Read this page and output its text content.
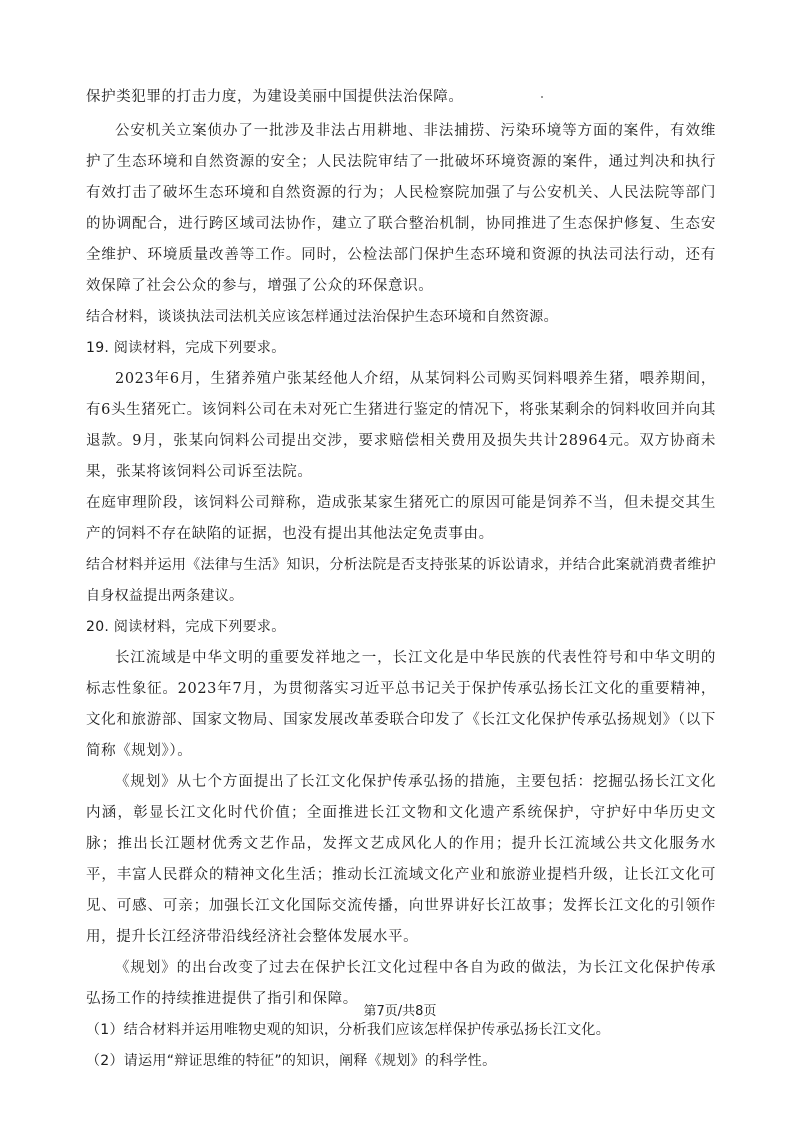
保护类犯罪的打击力度，为建设美丽中国提供法治保障。

公安机关立案侦办了一批涉及非法占用耕地、非法捕捞、污染环境等方面的案件，有效维护了生态环境和自然资源的安全；人民法院审结了一批破坏环境资源的案件，通过判决和执行有效打击了破坏生态环境和自然资源的行为；人民检察院加强了与公安机关、人民法院等部门的协调配合，进行跨区域司法协作，建立了联合整治机制，协同推进了生态保护修复、生态安全维护、环境质量改善等工作。同时，公检法部门保护生态环境和资源的执法司法行动，还有效保障了社会公众的参与，增强了公众的环保意识。

结合材料，谈谈执法司法机关应该怎样通过法治保护生态环境和自然资源。

19. 阅读材料，完成下列要求。

2023年6月，生猪养殖户张某经他人介绍，从某饲料公司购买饲料喂养生猪，喂养期间，有6头生猪死亡。该饲料公司在未对死亡生猪进行鉴定的情况下，将张某剩余的饲料收回并向其退款。9月，张某向饲料公司提出交涉，要求赔偿相关费用及损失共计28964元。双方协商未果，张某将该饲料公司诉至法院。

在庭审理阶段，该饲料公司辩称，造成张某家生猪死亡的原因可能是饲养不当，但未提交其生产的饲料不存在缺陷的证据，也没有提出其他法定免责事由。

结合材料并运用《法律与生活》知识，分析法院是否支持张某的诉讼请求，并结合此案就消费者维护自身权益提出两条建议。

20. 阅读材料，完成下列要求。

长江流域是中华文明的重要发祥地之一，长江文化是中华民族的代表性符号和中华文明的标志性象征。2023年7月，为贯彻落实习近平总书记关于保护传承弘扬长江文化的重要精神，文化和旅游部、国家文物局、国家发展改革委联合印发了《长江文化保护传承弘扬规划》（以下简称《规划》）。

《规划》从七个方面提出了长江文化保护传承弘扬的措施，主要包括：挖掘弘扬长江文化内涵，彰显长江文化时代价值；全面推进长江文物和文化遗产系统保护，守护好中华历史文脉；推出长江题材优秀文艺作品，发挥文艺成风化人的作用；提升长江流域公共文化服务水平，丰富人民群众的精神文化生活；推动长江流域文化产业和旅游业提档升级，让长江文化可见、可感、可亲；加强长江文化国际交流传播，向世界讲好长江故事；发挥长江文化的引领作用，提升长江经济带沿线经济社会整体发展水平。

《规划》的出台改变了过去在保护长江文化过程中各自为政的做法，为长江文化保护传承弘扬工作的持续推进提供了指引和保障。

（1）结合材料并运用唯物史观的知识，分析我们应该怎样保护传承弘扬长江文化。

（2）请运用“辩证思维的特征”的知识，阐释《规划》的科学性。

第7页/共8页
